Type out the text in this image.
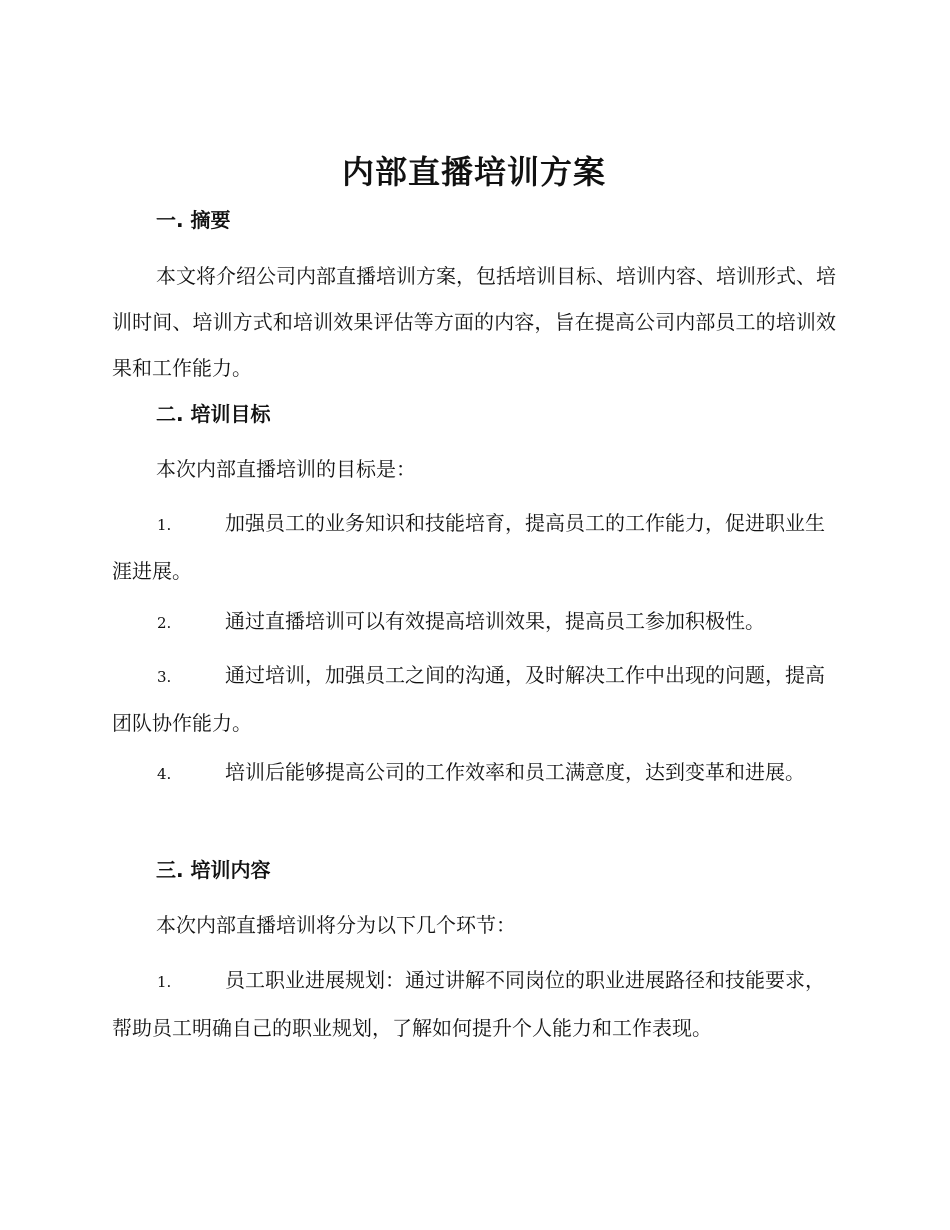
内部直播培训方案
一. 摘要
本文将介绍公司内部直播培训方案，包括培训目标、培训内容、培训形式、培训时间、培训方式和培训效果评估等方面的内容，旨在提高公司内部员工的培训效果和工作能力。
二. 培训目标
本次内部直播培训的目标是：
1.	加强员工的业务知识和技能培育，提高员工的工作能力，促进职业生涯进展。
2.	通过直播培训可以有效提高培训效果，提高员工参加积极性。
3.	通过培训，加强员工之间的沟通，及时解决工作中出现的问题，提高团队协作能力。
4.	培训后能够提高公司的工作效率和员工满意度，达到变革和进展。
三. 培训内容
本次内部直播培训将分为以下几个环节：
1.	员工职业进展规划：通过讲解不同岗位的职业进展路径和技能要求，帮助员工明确自己的职业规划，了解如何提升个人能力和工作表现。
